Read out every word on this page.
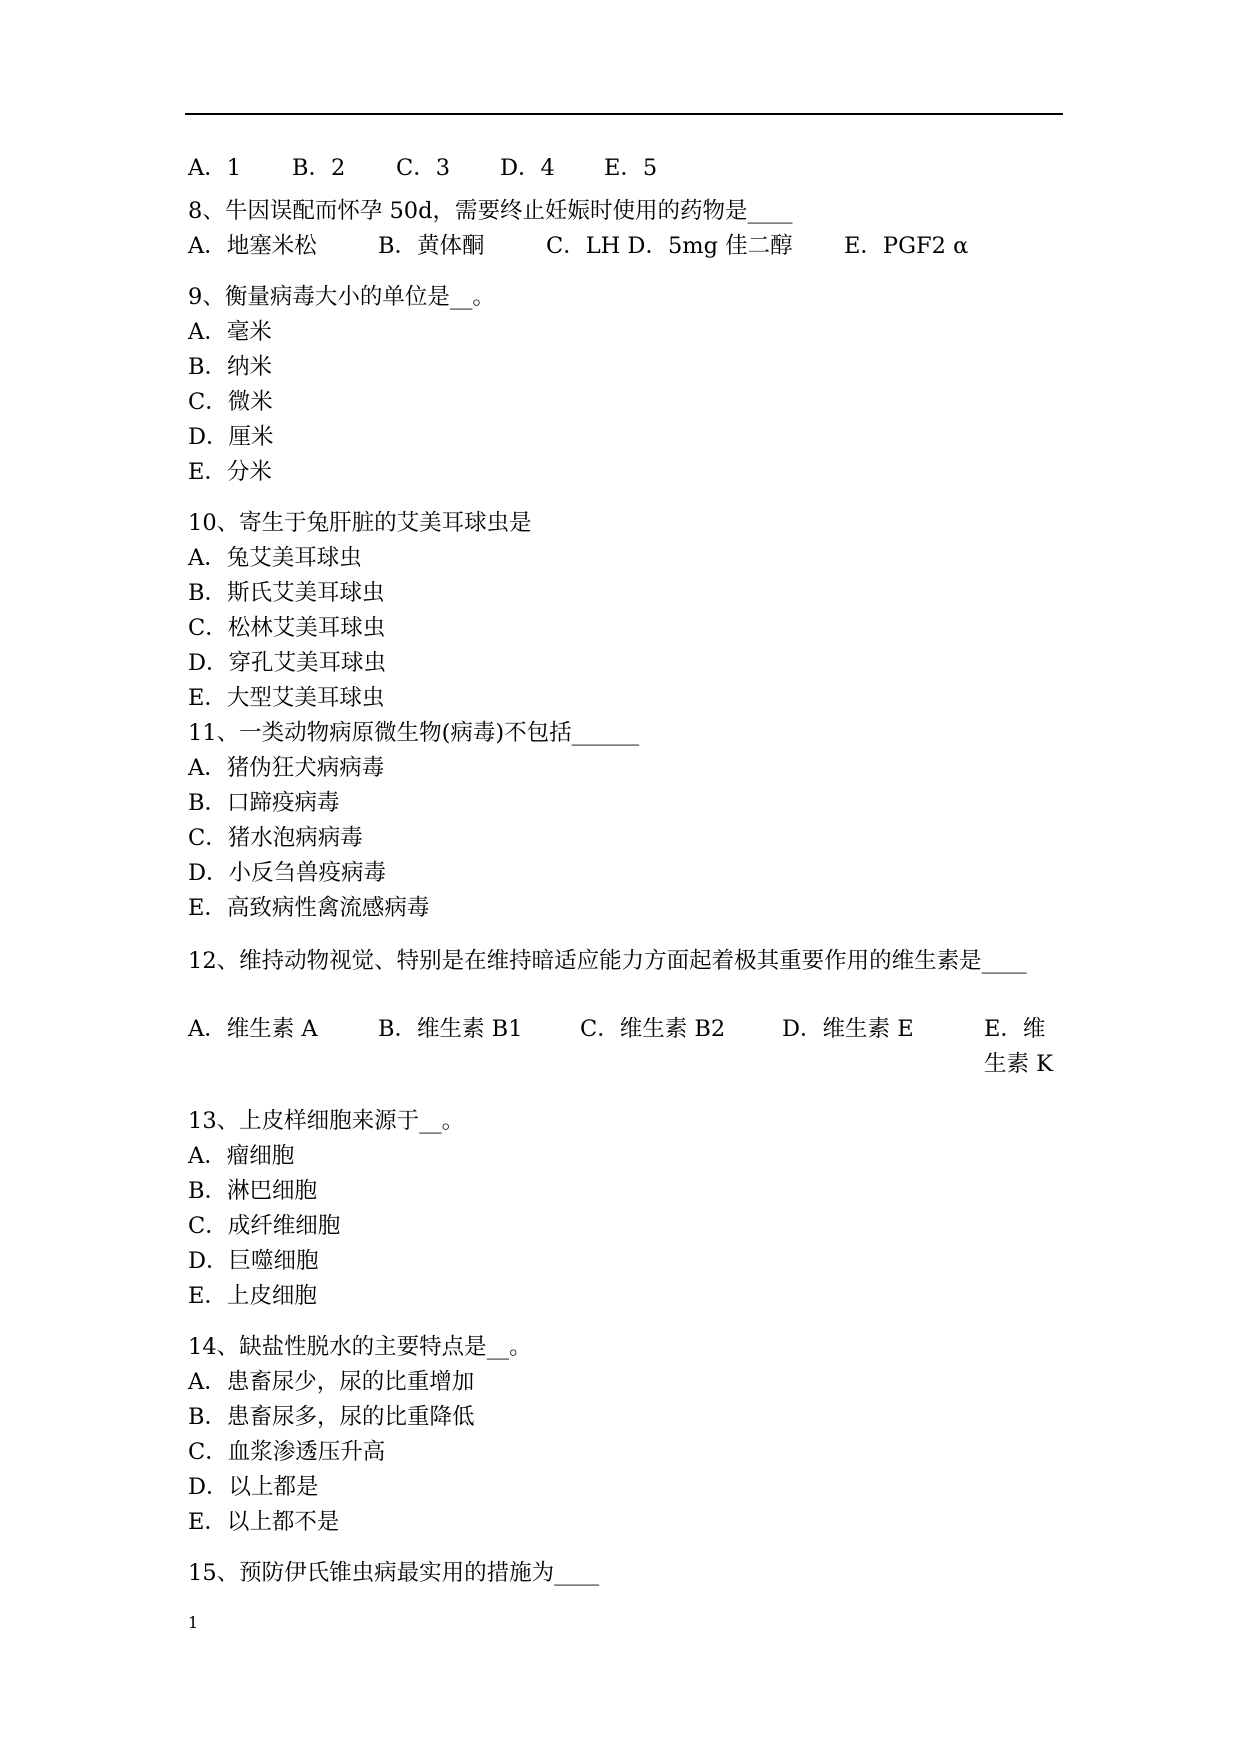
A．1 B．2 C．3 D．4 E．5
8、牛因误配而怀孕 50d，需要终止妊娠时使用的药物是____
A．地塞米松	B．黄体酮	C．LH D．5mg 佳二醇 E．PGF2 α
9、衡量病毒大小的单位是__。
A．毫米
B．纳米
C．微米
D．厘米
E．分米
10、寄生于兔肝脏的艾美耳球虫是
A．兔艾美耳球虫
B．斯氏艾美耳球虫
C．松林艾美耳球虫
D．穿孔艾美耳球虫
E．大型艾美耳球虫
11、一类动物病原微生物(病毒)不包括______
A．猪伪狂犬病病毒
B．口蹄疫病毒
C．猪水泡病病毒
D．小反刍兽疫病毒
E．高致病性禽流感病毒
12、维持动物视觉、特别是在维持暗适应能力方面起着极其重要作用的维生素是____
A．维生素 A	B．维生素 B1	C．维生素 B2	D．维生素 E	E．维生素 K
13、上皮样细胞来源于__。
A．瘤细胞
B．淋巴细胞
C．成纤维细胞
D．巨噬细胞
E．上皮细胞
14、缺盐性脱水的主要特点是__。
A．患畜尿少，尿的比重增加
B．患畜尿多，尿的比重降低
C．血浆渗透压升高
D．以上都是
E．以上都不是
15、预防伊氏锥虫病最实用的措施为____
1
